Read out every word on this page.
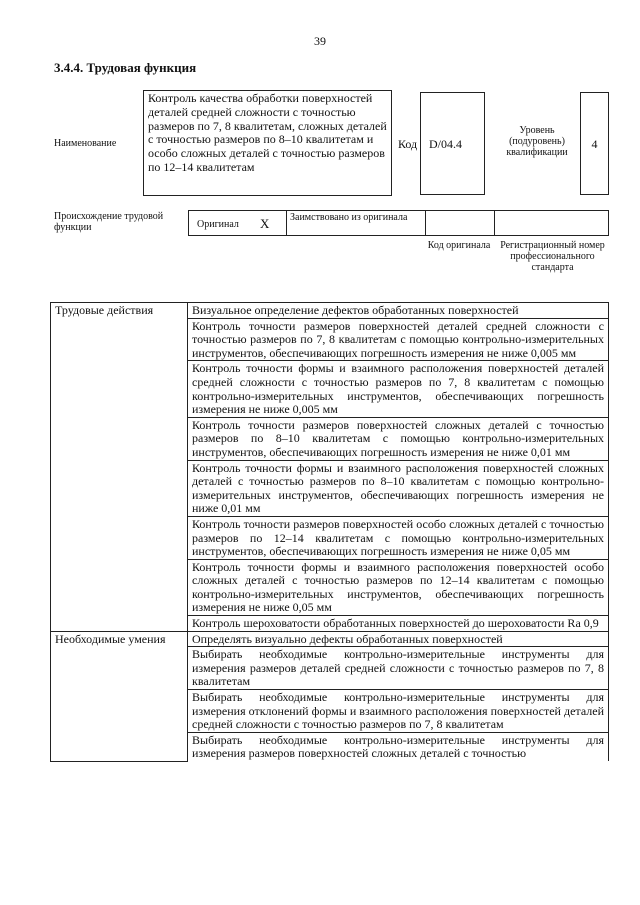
39
3.4.4. Трудовая функция
Наименование
Контроль качества обработки поверхностей деталей средней сложности с точностью размеров по 7, 8 квалитетам, сложных деталей с точностью размеров по 8–10 квалитетам и особо сложных деталей с точностью размеров по 12–14 квалитетам
Код D/04.4
Уровень (подуровень) квалификации
4
Происхождение трудовой функции	Оригинал X Заимствовано из оригинала
Код оригинала Регистрационный номер профессионального стандарта
Трудовые действия	Визуальное определение дефектов обработанных поверхностей
	Контроль точности размеров поверхностей деталей средней сложности с точностью размеров по 7, 8 квалитетам с помощью контрольно-измерительных инструментов, обеспечивающих погрешность измерения не ниже 0,005 мм
	Контроль точности формы и взаимного расположения поверхностей деталей средней сложности с точностью размеров по 7, 8 квалитетам с помощью контрольно-измерительных инструментов, обеспечивающих погрешность измерения не ниже 0,005 мм
	Контроль точности размеров поверхностей сложных деталей с точностью размеров по 8–10 квалитетам с помощью контрольно-измерительных инструментов, обеспечивающих погрешность измерения не ниже 0,01 мм
	Контроль точности формы и взаимного расположения поверхностей сложных деталей с точностью размеров по 8–10 квалитетам с помощью контрольно-измерительных инструментов, обеспечивающих погрешность измерения не ниже 0,01 мм
	Контроль точности размеров поверхностей особо сложных деталей с точностью размеров по 12–14 квалитетам с помощью контрольно-измерительных инструментов, обеспечивающих погрешность измерения не ниже 0,05 мм
	Контроль точности формы и взаимного расположения поверхностей особо сложных деталей с точностью размеров по 12–14 квалитетам с помощью контрольно-измерительных инструментов, обеспечивающих погрешность измерения не ниже 0,05 мм
	Контроль шероховатости обработанных поверхностей до шероховатости Ra 0,9
Необходимые умения	Определять визуально дефекты обработанных поверхностей
	Выбирать необходимые контрольно-измерительные инструменты для измерения размеров деталей средней сложности с точностью размеров по 7, 8 квалитетам
	Выбирать необходимые контрольно-измерительные инструменты для измерения отклонений формы и взаимного расположения поверхностей деталей средней сложности с точностью размеров по 7, 8 квалитетам
	Выбирать необходимые контрольно-измерительные инструменты для измерения размеров поверхностей сложных деталей с точностью
